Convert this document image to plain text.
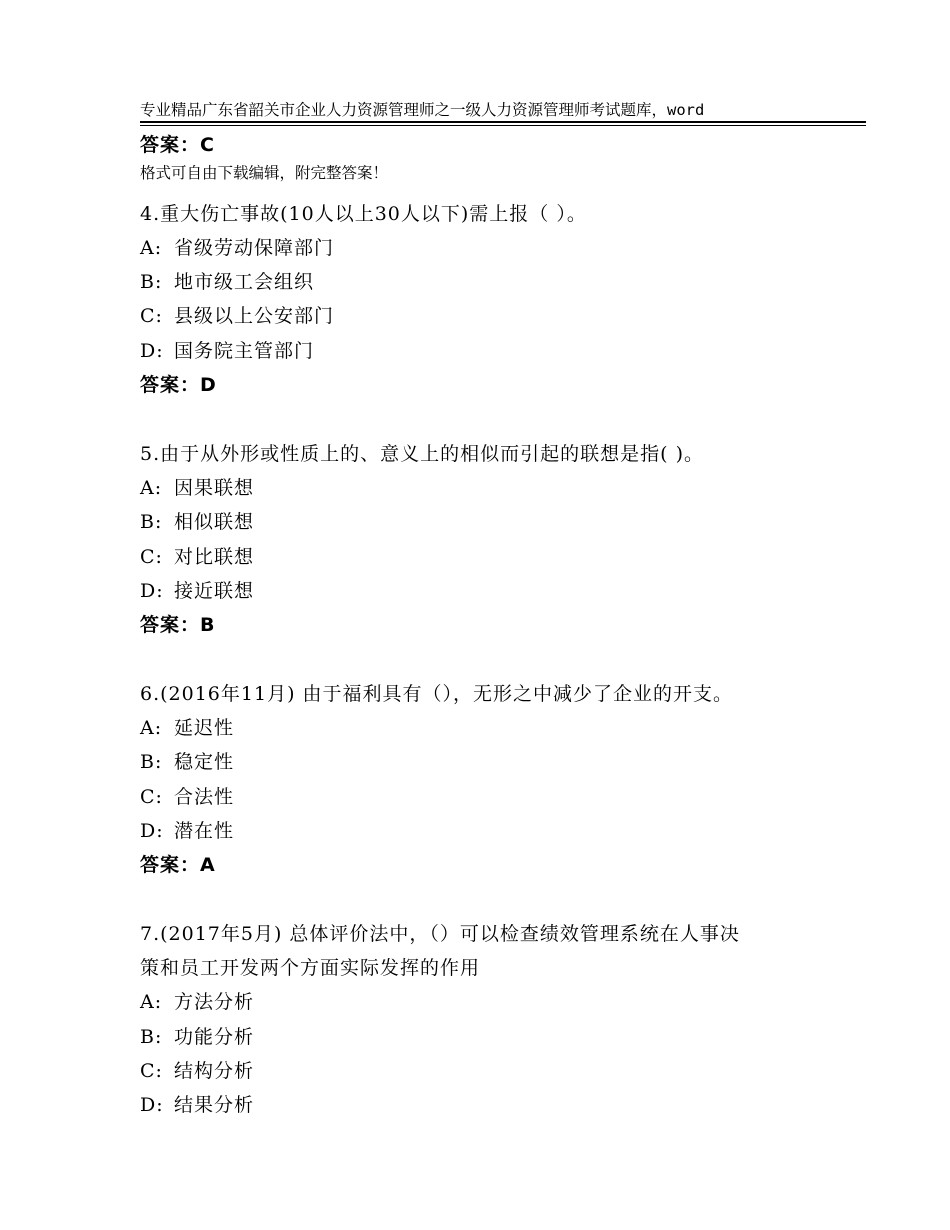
专业精品广东省韶关市企业人力资源管理师之一级人力资源管理师考试题库，word

格式可自由下载编辑，附完整答案！

答案：C
4.重大伤亡事故(10人以上30人以下)需上报（ ）。
A: 省级劳动保障部门
B: 地市级工会组织
C: 县级以上公安部门
D: 国务院主管部门
答案：D
5.由于从外形或性质上的、意义上的相似而引起的联想是指( )。
A: 因果联想
B: 相似联想
C: 对比联想
D: 接近联想
答案：B
6.(2016年11月) 由于福利具有（），无形之中减少了企业的开支。
A: 延迟性
B: 稳定性
C: 合法性
D: 潜在性
答案：A
7.(2017年5月) 总体评价法中，（）可以检查绩效管理系统在人事决
策和员工开发两个方面实际发挥的作用
A: 方法分析
B: 功能分析
C: 结构分析
D: 结果分析
